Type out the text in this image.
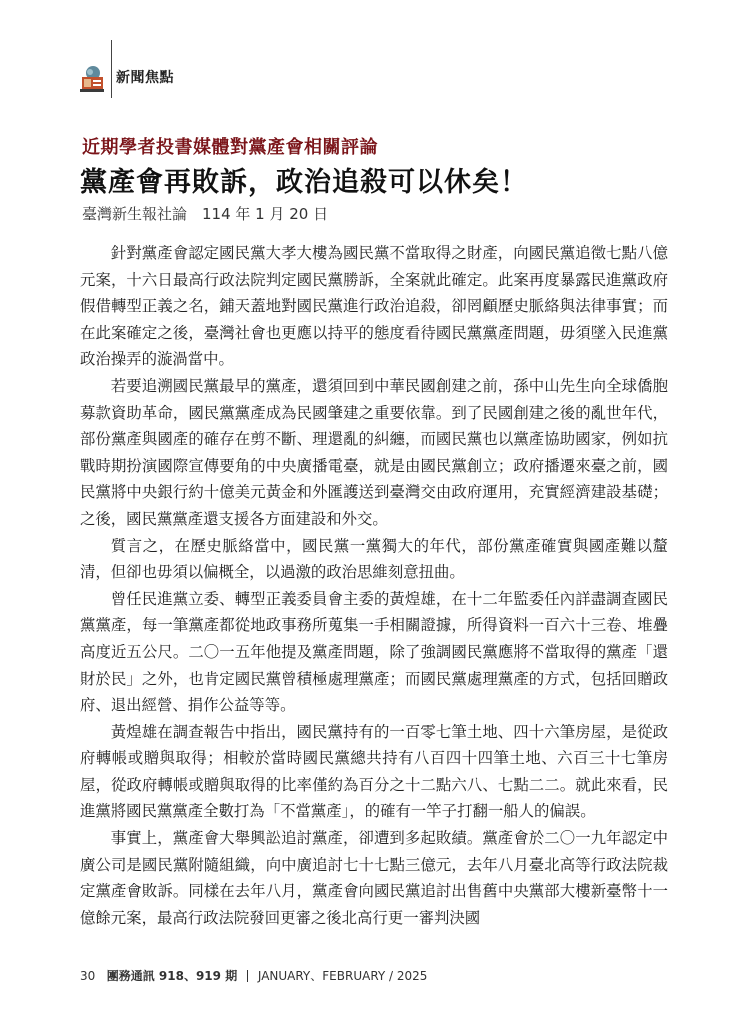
新聞焦點
近期學者投書媒體對黨產會相關評論
黨產會再敗訴，政治追殺可以休矣！
臺灣新生報社論　114 年 1 月 20 日

針對黨產會認定國民黨大孝大樓為國民黨不當取得之財產，向國民黨追徵七點八億元案，十六日最高行政法院判定國民黨勝訴，全案就此確定。此案再度暴露民進黨政府假借轉型正義之名，鋪天蓋地對國民黨進行政治追殺，卻罔顧歷史脈絡與法律事實；而在此案確定之後，臺灣社會也更應以持平的態度看待國民黨黨產問題，毋須墜入民進黨政治操弄的漩渦當中。

若要追溯國民黨最早的黨產，還須回到中華民國創建之前，孫中山先生向全球僑胞募款資助革命，國民黨黨產成為民國肇建之重要依靠。到了民國創建之後的亂世年代，部份黨產與國產的確存在剪不斷、理還亂的糾纏，而國民黨也以黨產協助國家，例如抗戰時期扮演國際宣傳要角的中央廣播電臺，就是由國民黨創立；政府播遷來臺之前，國民黨將中央銀行約十億美元黃金和外匯護送到臺灣交由政府運用，充實經濟建設基礎；之後，國民黨黨產還支援各方面建設和外交。

質言之，在歷史脈絡當中，國民黨一黨獨大的年代，部份黨產確實與國產難以釐清，但卻也毋須以偏概全，以過激的政治思維刻意扭曲。

曾任民進黨立委、轉型正義委員會主委的黃煌雄，在十二年監委任內詳盡調查國民黨黨產，每一筆黨產都從地政事務所蒐集一手相關證據，所得資料一百六十三卷、堆疊高度近五公尺。二〇一五年他提及黨產問題，除了強調國民黨應將不當取得的黨產「還財於民」之外，也肯定國民黨曾積極處理黨產；而國民黨處理黨產的方式，包括回贈政府、退出經營、捐作公益等等。

黃煌雄在調查報告中指出，國民黨持有的一百零七筆土地、四十六筆房屋，是從政府轉帳或贈與取得；相較於當時國民黨總共持有八百四十四筆土地、六百三十七筆房屋，從政府轉帳或贈與取得的比率僅約為百分之十二點六八、七點二二。就此來看，民進黨將國民黨黨產全數打為「不當黨產」，的確有一竿子打翻一船人的偏誤。

事實上，黨產會大舉興訟追討黨產，卻遭到多起敗績。黨產會於二〇一九年認定中廣公司是國民黨附隨組織，向中廣追討七十七點三億元，去年八月臺北高等行政法院裁定黨產會敗訴。同樣在去年八月，黨產會向國民黨追討出售舊中央黨部大樓新臺幣十一億餘元案，最高行政法院發回更審之後北高行更一審判決國

30 團務通訊 918、919 期 JANUARY、FEBRUARY / 2025
